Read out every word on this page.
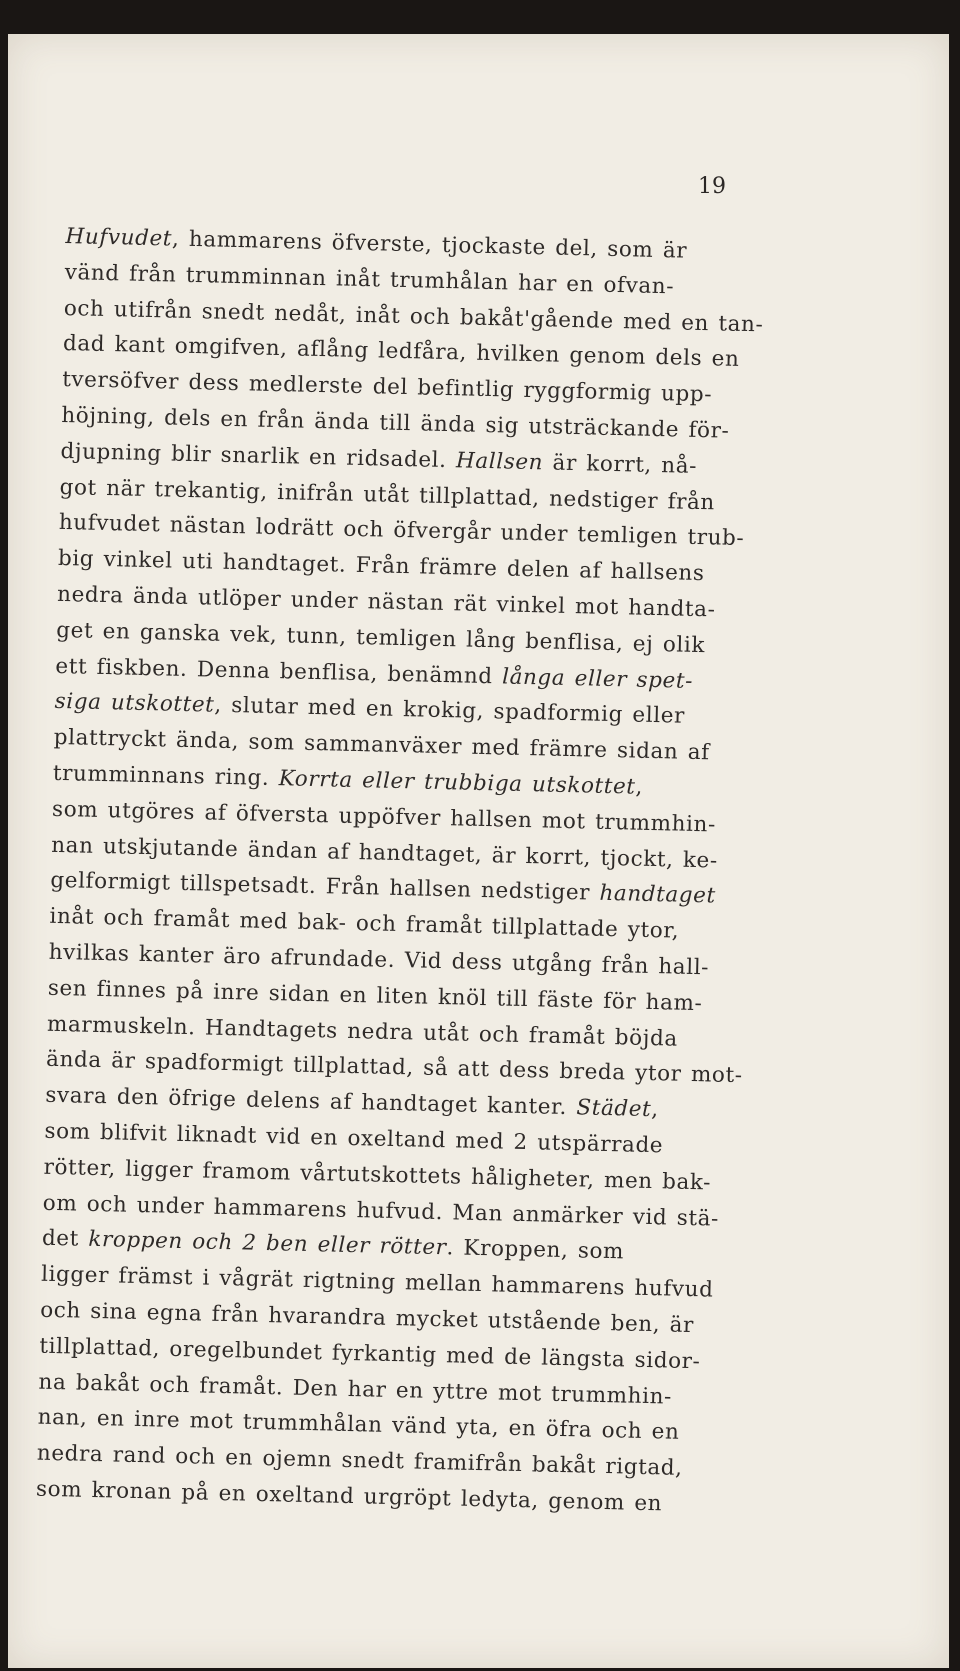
19
Hufvudet, hammarens öfverste, tjockaste del, som är
vänd från trumminnan inåt trumhålan har en ofvan-
och utifrån snedt nedåt, inåt och bakåt'gående med en tan-
dad kant omgifven, aflång ledfåra, hvilken genom dels en
tversöfver dess medlerste del befintlig ryggformig upp-
höjning, dels en från ända till ända sig utsträckande för-
djupning blir snarlik en ridsadel. Hallsen är korrt, nå-
got när trekantig, inifrån utåt tillplattad, nedstiger från
hufvudet nästan lodrätt och öfvergår under temligen trub-
big vinkel uti handtaget. Från främre delen af hallsens
nedra ända utlöper under nästan rät vinkel mot handta-
get en ganska vek, tunn, temligen lång benflisa, ej olik
ett fiskben. Denna benflisa, benämnd långa eller spet-
siga utskottet, slutar med en krokig, spadformig eller
plattryckt ända, som sammanväxer med främre sidan af
trumminnans ring. Korrta eller trubbiga utskottet,
som utgöres af öfversta uppöfver hallsen mot trummhin-
nan utskjutande ändan af handtaget, är korrt, tjockt, ke-
gelformigt tillspetsadt. Från hallsen nedstiger handtaget
inåt och framåt med bak- och framåt tillplattade ytor,
hvilkas kanter äro afrundade. Vid dess utgång från hall-
sen finnes på inre sidan en liten knöl till fäste för ham-
marmuskeln. Handtagets nedra utåt och framåt böjda
ända är spadformigt tillplattad, så att dess breda ytor mot-
svara den öfrige delens af handtaget kanter. Städet,
som blifvit liknadt vid en oxeltand med 2 utspärrade
rötter, ligger framom vårtutskottets håligheter, men bak-
om och under hammarens hufvud. Man anmärker vid stä-
det kroppen och 2 ben eller rötter. Kroppen, som
ligger främst i vågrät rigtning mellan hammarens hufvud
och sina egna från hvarandra mycket utstående ben, är
tillplattad, oregelbundet fyrkantig med de längsta sidor-
na bakåt och framåt. Den har en yttre mot trummhin-
nan, en inre mot trummhålan vänd yta, en öfra och en
nedra rand och en ojemn snedt framifrån bakåt rigtad,
som kronan på en oxeltand urgröpt ledyta, genom en
